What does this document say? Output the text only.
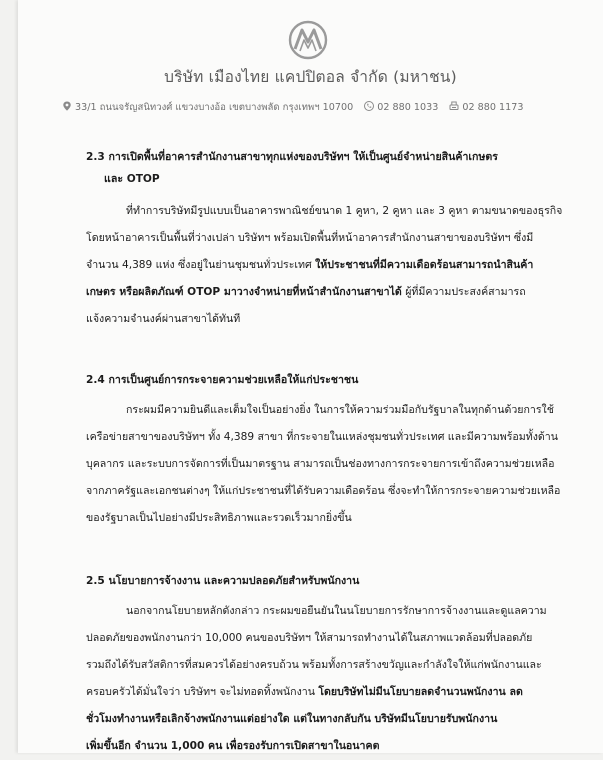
บริษัท เมืองไทย แคปปิตอล จำกัด (มหาชน)
33/1 ถนนจรัญสนิทวงศ์ แขวงบางอ้อ เขตบางพลัด กรุงเทพฯ 10700	02 880 1033	02 880 1173

2.3 การเปิดพื้นที่อาคารสำนักงานสาขาทุกแห่งของบริษัทฯ ให้เป็นศูนย์จำหน่ายสินค้าเกษตร
และ OTOP

ที่ทำการบริษัทมีรูปแบบเป็นอาคารพาณิชย์ขนาด 1 คูหา, 2 คูหา และ 3 คูหา ตามขนาดของธุรกิจ
โดยหน้าอาคารเป็นพื้นที่ว่างเปล่า บริษัทฯ พร้อมเปิดพื้นที่หน้าอาคารสำนักงานสาขาของบริษัทฯ ซึ่งมี
จำนวน 4,389 แห่ง ซึ่งอยู่ในย่านชุมชนทั่วประเทศ ให้ประชาชนที่มีความเดือดร้อนสามารถนำสินค้า
เกษตร หรือผลิตภัณฑ์ OTOP มาวางจำหน่ายที่หน้าสำนักงานสาขาได้ ผู้ที่มีความประสงค์สามารถ
แจ้งความจำนงค์ผ่านสาขาได้ทันที

2.4 การเป็นศูนย์การกระจายความช่วยเหลือให้แก่ประชาชน

กระผมมีความยินดีและเต็มใจเป็นอย่างยิ่ง ในการให้ความร่วมมือกับรัฐบาลในทุกด้านด้วยการใช้
เครือข่ายสาขาของบริษัทฯ ทั้ง 4,389 สาขา ที่กระจายในแหล่งชุมชนทั่วประเทศ และมีความพร้อมทั้งด้าน
บุคลากร และระบบการจัดการที่เป็นมาตรฐาน สามารถเป็นช่องทางการกระจายการเข้าถึงความช่วยเหลือ
จากภาครัฐและเอกชนต่างๆ ให้แก่ประชาชนที่ได้รับความเดือดร้อน ซึ่งจะทำให้การกระจายความช่วยเหลือ
ของรัฐบาลเป็นไปอย่างมีประสิทธิภาพและรวดเร็วมากยิ่งขึ้น

2.5 นโยบายการจ้างงาน และความปลอดภัยสำหรับพนักงาน

นอกจากนโยบายหลักดังกล่าว กระผมขอยืนยันในนโยบายการรักษาการจ้างงานและดูแลความ
ปลอดภัยของพนักงานกว่า 10,000 คนของบริษัทฯ ให้สามารถทำงานได้ในสภาพแวดล้อมที่ปลอดภัย
รวมถึงได้รับสวัสดิการที่สมควรได้อย่างครบถ้วน พร้อมทั้งการสร้างขวัญและกำลังใจให้แก่พนักงานและ
ครอบครัวได้มั่นใจว่า บริษัทฯ จะไม่ทอดทิ้งพนักงาน โดยบริษัทไม่มีนโยบายลดจำนวนพนักงาน ลด
ชั่วโมงทำงานหรือเลิกจ้างพนักงานแต่อย่างใด แต่ในทางกลับกัน บริษัทมีนโยบายรับพนักงาน
เพิ่มขึ้นอีก จำนวน 1,000 คน เพื่อรองรับการเปิดสาขาในอนาคต
